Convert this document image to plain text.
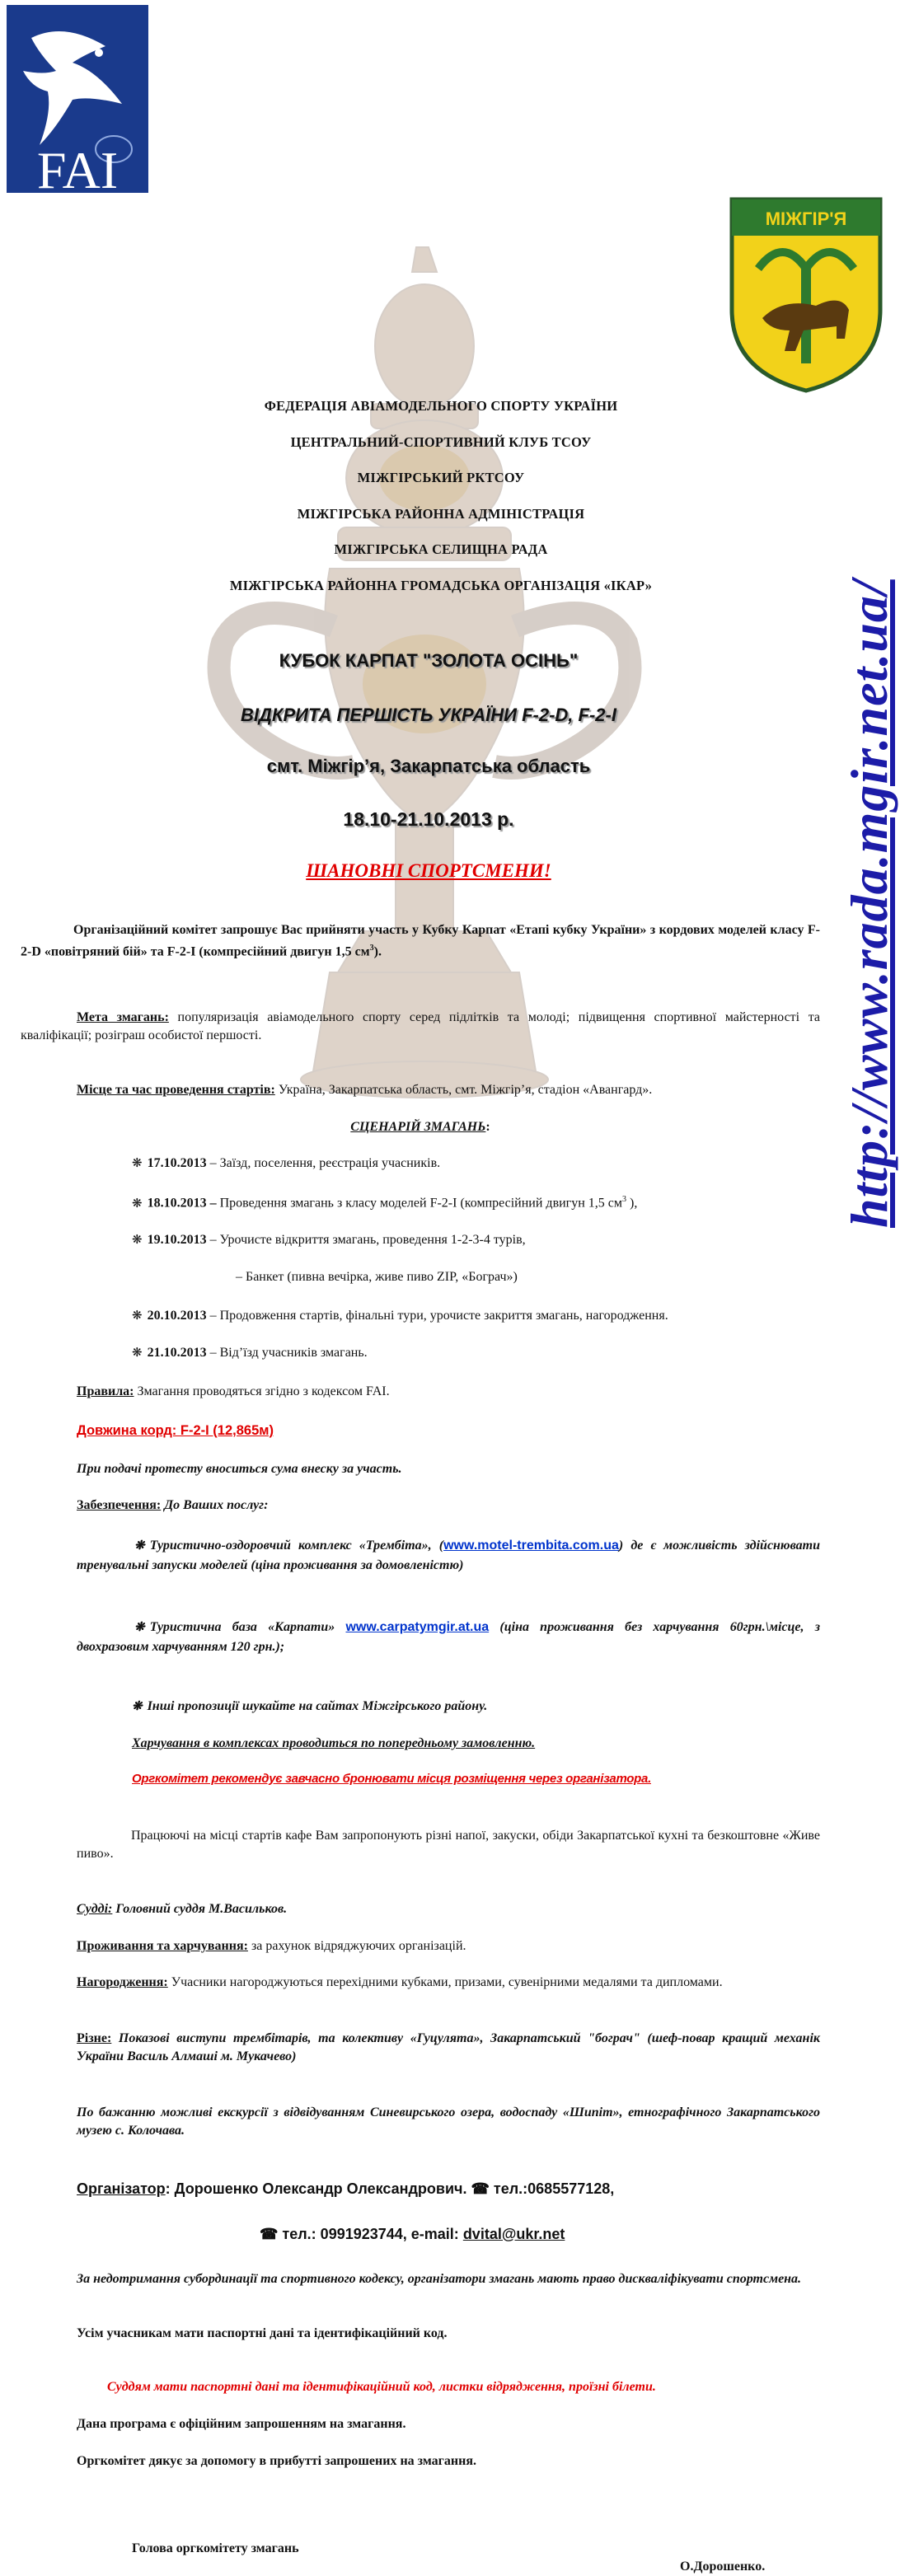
FAI
МІЖГІР'Я
ФЕДЕРАЦІЯ АВІАМОДЕЛЬНОГО СПОРТУ УКРАЇНИ
ЦЕНТРАЛЬНИЙ-СПОРТИВНИЙ КЛУБ ТСОУ
МІЖГІРСЬКИЙ РКТСОУ
МІЖГІРСЬКА РАЙОННА АДМІНІСТРАЦІЯ
МІЖГІРСЬКА СЕЛИЩНА РАДА
МІЖГІРСЬКА РАЙОННА ГРОМАДСЬКА ОРГАНІЗАЦІЯ «ІКАР»
КУБОК КАРПАТ "ЗОЛОТА ОСІНЬ"
ВІДКРИТА ПЕРШІСТЬ УКРАЇНИ F-2-D, F-2-I
смт. Міжгір’я, Закарпатська область
18.10-21.10.2013 р.
ШАНОВНІ СПОРТСМЕНИ!
Організаційний комітет запрошує Вас прийняти участь у Кубку Карпат «Етапі кубку України» з кордових моделей класу F-2-D «повітряний бій» та F-2-I (компресійний двигун 1,5 $см^3$).
Мета змагань: популяризація авіамодельного спорту серед підлітків та молоді; підвищення спортивної майстерності та кваліфікації; розіграш особистої першості.
Місце та час проведення стартів: Україна, Закарпатська область, смт. Міжгір’я, стадіон «Авангард».
СЦЕНАРІЙ ЗМАГАНЬ:
❋ 17.10.2013 – Заїзд, поселення, реєстрація учасників.
❋ 18.10.2013 – Проведення змагань з класу моделей F-2-I (компресійний двигун 1,5 $см^3$ ),
❋ 19.10.2013 – Урочисте відкриття змагань, проведення 1-2-3-4 турів,
– Банкет (пивна вечірка, живе пиво ZIP, «Бограч»)
❋ 20.10.2013 – Продовження стартів, фінальні тури, урочисте закриття змагань, нагородження.
❋ 21.10.2013 – Від’їзд учасників змагань.
Правила: Змагання проводяться згідно з кодексом FAI.
Довжина корд: F-2-I (12,865м)
При подачі протесту вноситься сума внеску за участь.
Забезпечення: До Ваших послуг:
❋ Туристично-оздоровчий комплекс «Трембіта», (www.motel-trembita.com.ua) де є можливість здійснювати тренувальні запуски моделей (ціна проживання за домовленістю)
❋ Туристична база «Карпати» www.carpatymgir.at.ua (ціна проживання без харчування 60грн.\місце, з двохразовим харчуванням 120 грн.);
❋ Інші пропозиції шукайте на сайтах Міжгірського району.
Харчування в комплексах проводиться по попередньому замовленню.
Оргкомітет рекомендує завчасно бронювати місця розміщення через організатора.
Працюючі на місці стартів кафе Вам запропонують різні напої, закуски, обіди Закарпатської кухні та безкоштовне «Живе пиво».
Судді: Головний суддя М.Васильков.
Проживання та харчування: за рахунок відряджуючих організацій.
Нагородження: Учасники нагороджуються перехідними кубками, призами, сувенірними медалями та дипломами.
Різне: Показові виступи трембітарів, та колективу «Гуцулята», Закарпатський "бограч" (шеф-повар кращий механік України Василь Алмаші м. Мукачево)
По бажанню можливі екскурсії з відвідуванням Синевирського озера, водоспаду «Шипіт», етнографічного Закарпатського музею с. Колочава.
Організатор: Дорошенко Олександр Олександрович. ☎ тел.:0685577128,
☎ тел.: 0991923744, e-mail: dvital@ukr.net
За недотримання субординації та спортивного кодексу, організатори змагань мають право дискваліфікувати спортсмена.
Усім учасникам мати паспортні дані та ідентифікаційний код.
Суддям мати паспортні дані та ідентифікаційний код, листки відрядження, проїзні білети.
Дана програма є офіційним запрошенням на змагання.
Оргкомітет дякує за допомогу в прибутті запрошених на змагання.
Голова оргкомітету змагань
О.Дорошенко.
http://www.rada.mgir.net.ua/
